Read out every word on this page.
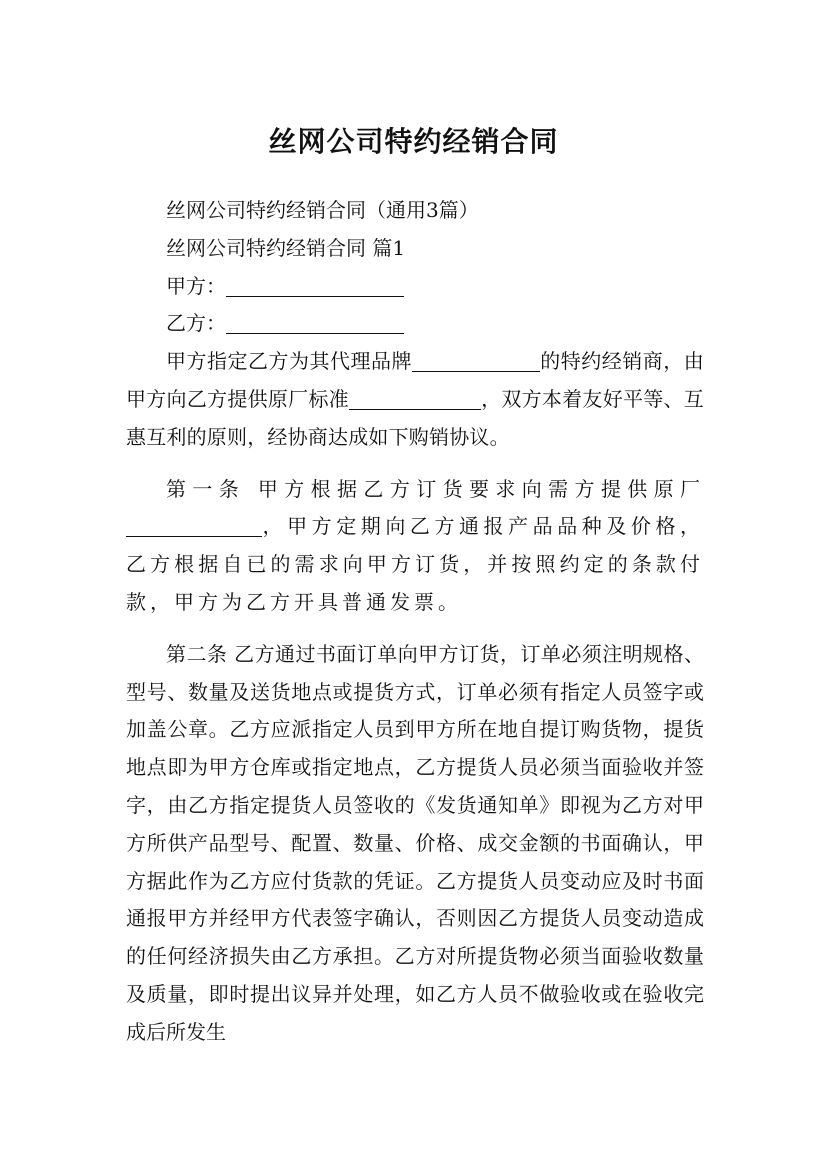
丝网公司特约经销合同

丝网公司特约经销合同（通用3篇）

丝网公司特约经销合同 篇1

甲方：

乙方：

甲方指定乙方为其代理品牌	的特约经销商，由甲方向乙方提供原厂标准	，双方本着友好平等、互惠互利的原则，经协商达成如下购销协议。

第一条 甲方根据乙方订货要求向需方提供原厂，甲方定期向乙方通报产品品种及价格，乙方根据自已的需求向甲方订货，并按照约定的条款付款，甲方为乙方开具普通发票。

第二条 乙方通过书面订单向甲方订货，订单必须注明规格、型号、数量及送货地点或提货方式，订单必须有指定人员签字或加盖公章。乙方应派指定人员到甲方所在地自提订购货物，提货地点即为甲方仓库或指定地点，乙方提货人员必须当面验收并签字，由乙方指定提货人员签收的《发货通知单》即视为乙方对甲方所供产品型号、配置、数量、价格、成交金额的书面确认，甲方据此作为乙方应付货款的凭证。乙方提货人员变动应及时书面通报甲方并经甲方代表签字确认，否则因乙方提货人员变动造成的任何经济损失由乙方承担。乙方对所提货物必须当面验收数量及质量，即时提出议异并处理，如乙方人员不做验收或在验收完成后所发生
